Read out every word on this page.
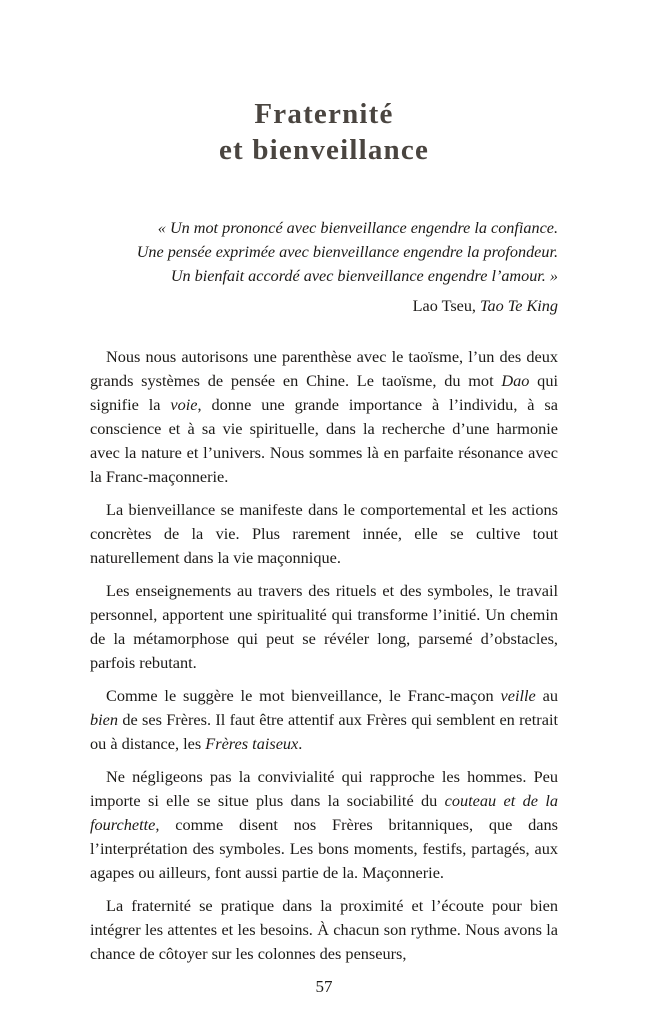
Fraternité
et bienveillance
« Un mot prononcé avec bienveillance engendre la confiance.
Une pensée exprimée avec bienveillance engendre la profondeur.
Un bienfait accordé avec bienveillance engendre l’amour. »
Lao Tseu, Tao Te King

Nous nous autorisons une parenthèse avec le taoïsme, l’un des deux grands systèmes de pensée en Chine. Le taoïsme, du mot Dao qui signifie la voie, donne une grande importance à l’individu, à sa conscience et à sa vie spirituelle, dans la recherche d’une harmonie avec la nature et l’univers. Nous sommes là en parfaite résonance avec la Franc-maçonnerie.

La bienveillance se manifeste dans le comportemental et les actions concrètes de la vie. Plus rarement innée, elle se cultive tout naturellement dans la vie maçonnique.

Les enseignements au travers des rituels et des symboles, le travail personnel, apportent une spiritualité qui transforme l’initié. Un chemin de la métamorphose qui peut se révéler long, parsemé d’obstacles, parfois rebutant.

Comme le suggère le mot bienveillance, le Franc-maçon veille au bien de ses Frères. Il faut être attentif aux Frères qui semblent en retrait ou à distance, les Frères taiseux.

Ne négligeons pas la convivialité qui rapproche les hommes. Peu importe si elle se situe plus dans la sociabilité du couteau et de la fourchette, comme disent nos Frères britanniques, que dans l’interprétation des symboles. Les bons moments, festifs, partagés, aux agapes ou ailleurs, font aussi partie de la. Maçonnerie.

La fraternité se pratique dans la proximité et l’écoute pour bien intégrer les attentes et les besoins. À chacun son rythme. Nous avons la chance de côtoyer sur les colonnes des penseurs,

57
